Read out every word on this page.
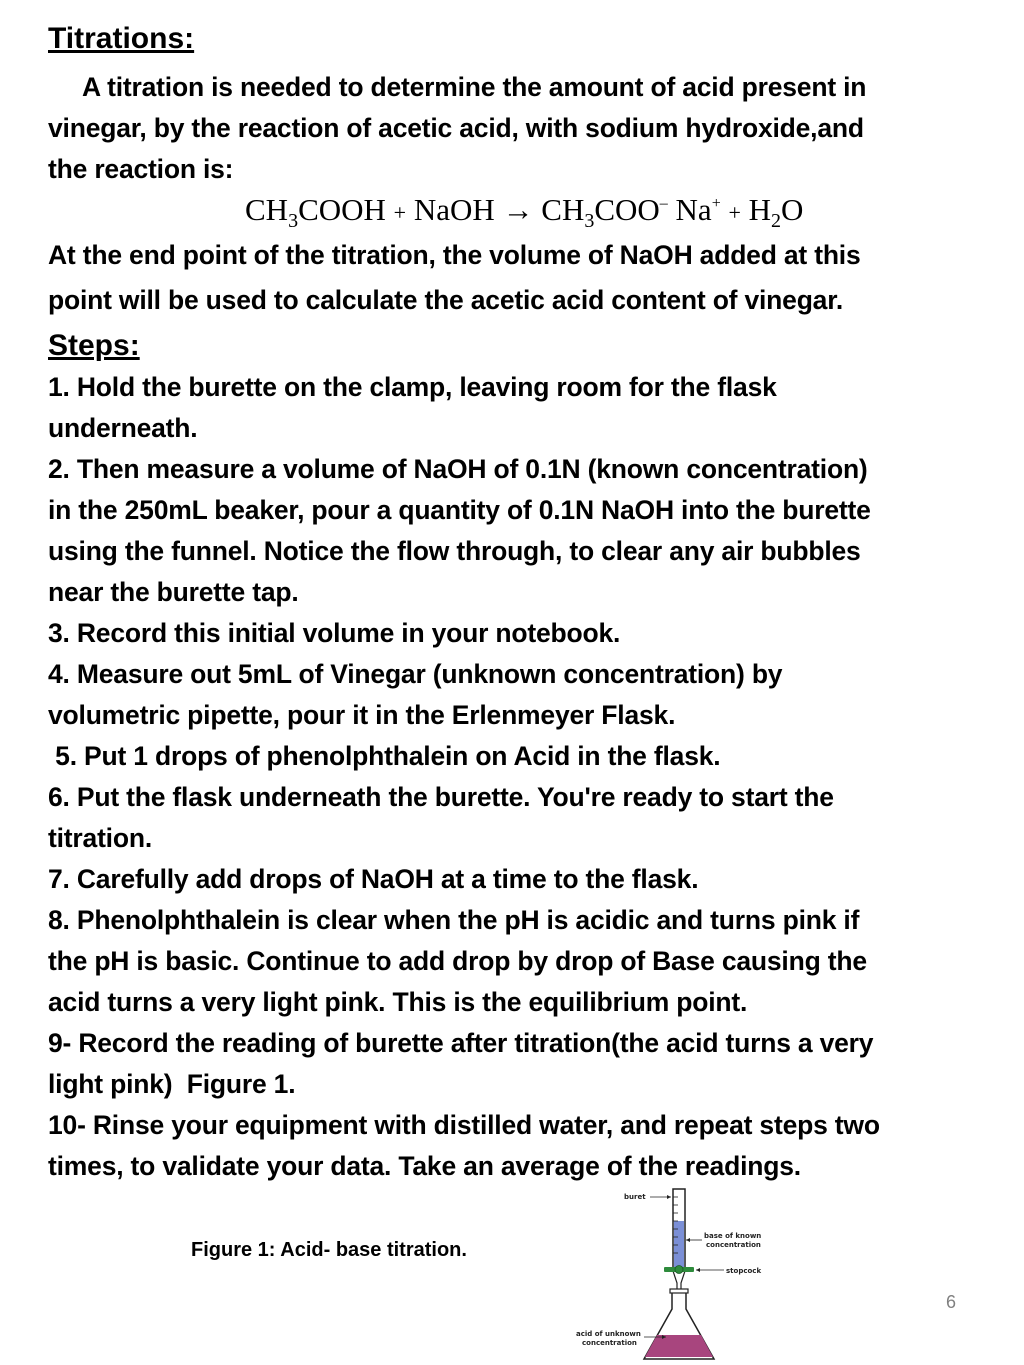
Titrations:
A titration is needed to determine the amount of acid present in
vinegar, by the reaction of acetic acid, with sodium hydroxide,and
the reaction is:
$CH_3COOH$ + NaOH → $CH_3COO^-$ $Na^+ + H_2O$
At the end point of the titration, the volume of NaOH added at this
point will be used to calculate the acetic acid content of vinegar.
Steps:
1. Hold the burette on the clamp, leaving room for the flask
underneath.
2. Then measure a volume of NaOH of 0.1N (known concentration)
in the 250mL beaker, pour a quantity of 0.1N NaOH into the burette
using the funnel. Notice the flow through, to clear any air bubbles
near the burette tap.
3. Record this initial volume in your notebook.
4. Measure out 5mL of Vinegar (unknown concentration) by
volumetric pipette, pour it in the Erlenmeyer Flask.
5. Put 1 drops of phenolphthalein on Acid in the flask.
6. Put the flask underneath the burette. You're ready to start the
titration.
7. Carefully add drops of NaOH at a time to the flask.
8. Phenolphthalein is clear when the pH is acidic and turns pink if
the pH is basic. Continue to add drop by drop of Base causing the
acid turns a very light pink. This is the equilibrium point.
9- Record the reading of burette after titration(the acid turns a very
light pink)  Figure 1.
10- Rinse your equipment with distilled water, and repeat steps two
times, to validate your data. Take an average of the readings.
Figure 1: Acid- base titration.
buret
base of known
concentration
stopcock
acid of unknown
concentration
6
